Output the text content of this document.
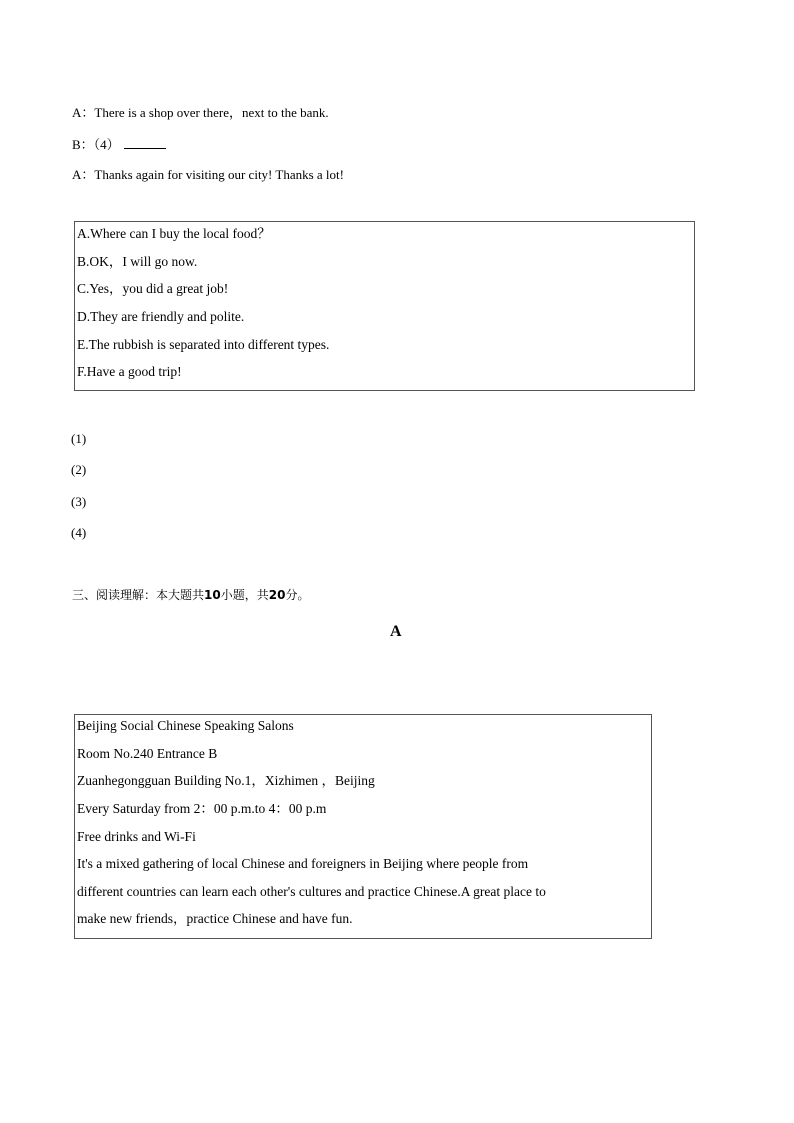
A：There is a shop over there，next to the bank.
B：（4）
A：Thanks again for visiting our city! Thanks a lot!
A.Where can I buy the local food？
B.OK，I will go now.
C.Yes，you did a great job!
D.They are friendly and polite.
E.The rubbish is separated into different types.
F.Have a good trip!
(1)
(2)
(3)
(4)
三、阅读理解：本大题共10小题，共20分。
A
Beijing Social Chinese Speaking Salons
Room No.240 Entrance B
Zuanhegongguan Building No.1，Xizhimen ，Beijing
Every Saturday from 2：00 p.m.to 4：00 p.m
Free drinks and Wi-Fi
It's a mixed gathering of local Chinese and foreigners in Beijing where people from
different countries can learn each other's cultures and practice Chinese.A great place to
make new friends，practice Chinese and have fun.
